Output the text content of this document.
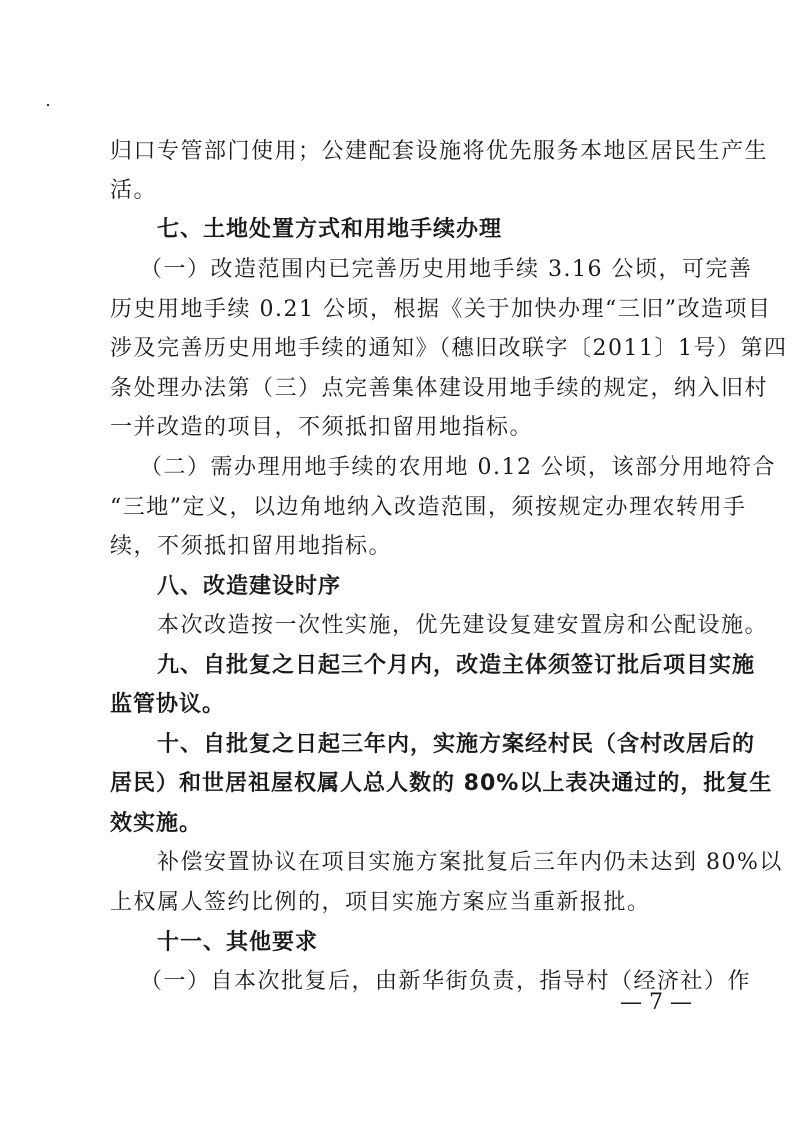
归口专管部门使用；公建配套设施将优先服务本地区居民生产生
活。
七、土地处置方式和用地手续办理
（一）改造范围内已完善历史用地手续 3.16 公顷，可完善
历史用地手续 0.21 公顷，根据《关于加快办理“三旧”改造项目
涉及完善历史用地手续的通知》（穗旧改联字〔2011〕1号）第四
条处理办法第（三）点完善集体建设用地手续的规定，纳入旧村
一并改造的项目，不须抵扣留用地指标。
（二）需办理用地手续的农用地 0.12 公顷，该部分用地符合
“三地”定义，以边角地纳入改造范围，须按规定办理农转用手
续，不须抵扣留用地指标。
八、改造建设时序
本次改造按一次性实施，优先建设复建安置房和公配设施。
九、自批复之日起三个月内，改造主体须签订批后项目实施
监管协议。
十、自批复之日起三年内，实施方案经村民（含村改居后的
居民）和世居祖屋权属人总人数的 80%以上表决通过的，批复生
效实施。
补偿安置协议在项目实施方案批复后三年内仍未达到 80%以
上权属人签约比例的，项目实施方案应当重新报批。
十一、其他要求
（一）自本次批复后，由新华街负责，指导村（经济社）作
— 7 —
